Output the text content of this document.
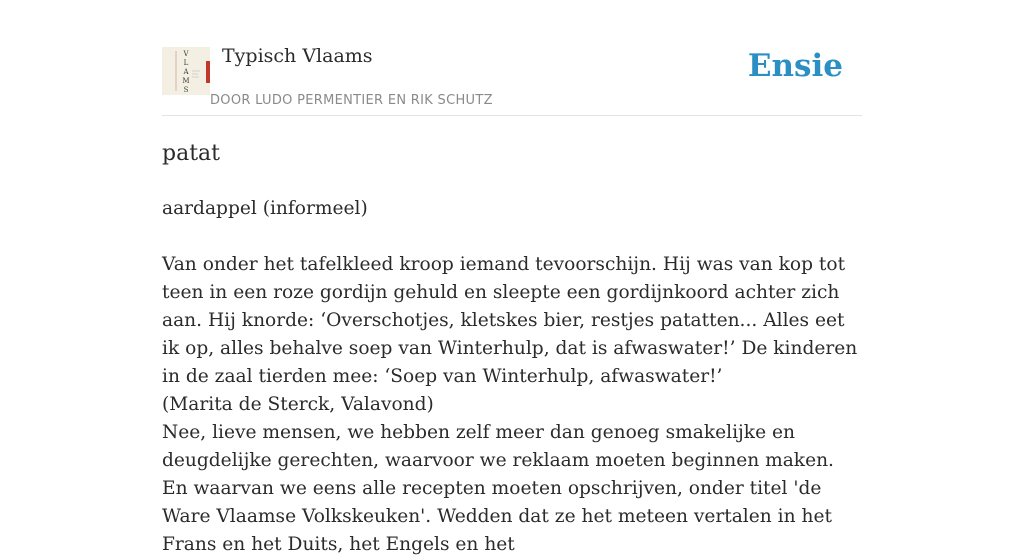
V
L
A
M
S
Typisch Vlaams
DOOR LUDO PERMENTIER EN RIK SCHUTZ
Ensie
patat

aardappel (informeel)

Van onder het tafelkleed kroop iemand tevoorschijn. Hij was van kop tot teen in een roze gordijn gehuld en sleepte een gordijnkoord achter zich aan. Hij knorde: ‘Overschotjes, kletskes bier, restjes patatten... Alles eet ik op, alles behalve soep van Winterhulp, dat is afwaswater!’ De kinderen in de zaal tierden mee: ‘Soep van Winterhulp, afwaswater!’

(Marita de Sterck, Valavond)

Nee, lieve mensen, we hebben zelf meer dan genoeg smakelijke en deugdelijke gerechten, waarvoor we reklaam moeten beginnen maken. En waarvan we eens alle recepten moeten opschrijven, onder titel 'de Ware Vlaamse Volkskeuken'. Wedden dat ze het meteen vertalen in het Frans en het Duits, het Engels en het
